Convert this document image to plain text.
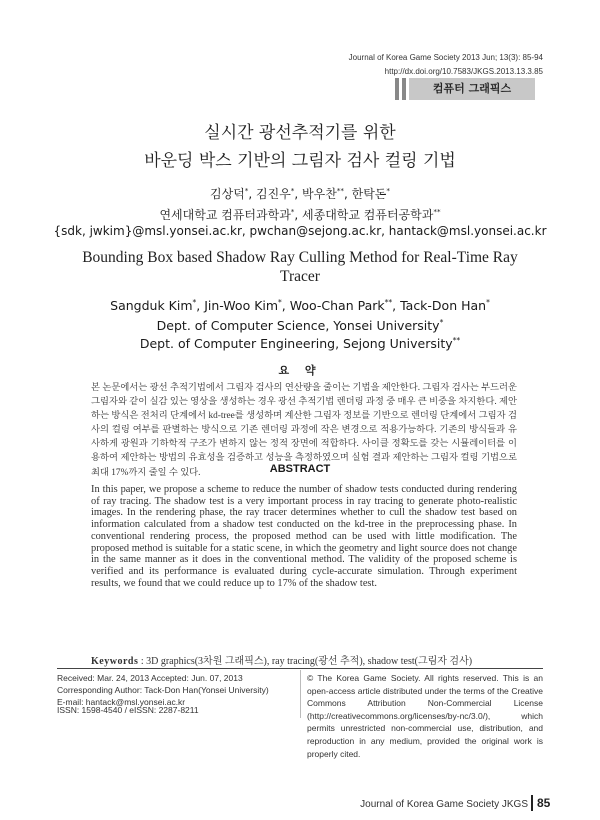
Journal of Korea Game Society 2013 Jun; 13(3): 85-94
http://dx.doi.org/10.7583/JKGS.2013.13.3.85
컴퓨터 그래픽스
실시간 광선추적기를 위한
바운딩 박스 기반의 그림자 검사 컬링 기법
김상덕*, 김진우*, 박우찬**, 한탁돈*
연세대학교 컴퓨터과학과*, 세종대학교 컴퓨터공학과**
{sdk, jwkim}@msl.yonsei.ac.kr, pwchan@sejong.ac.kr, hantack@msl.yonsei.ac.kr
Bounding Box based Shadow Ray Culling Method for Real-Time Ray Tracer
Sangduk Kim*, Jin-Woo Kim*, Woo-Chan Park**, Tack-Don Han*
Dept. of Computer Science, Yonsei University*
Dept. of Computer Engineering, Sejong University**
요 약
본 논문에서는 광선 추적기법에서 그림자 검사의 연산량을 줄이는 기법을 제안한다. 그림자 검사는 부드러운 그림자와 같이 실감 있는 영상을 생성하는 경우 광선 추적기법 렌더링 과정 중 매우 큰 비중을 차지한다. 제안하는 방식은 전처리 단계에서 kd-tree를 생성하며 계산한 그림자 정보를 기반으로 렌더링 단계에서 그림자 검사의 컬링 여부를 판별하는 방식으로 기존 렌더링 과정에 작은 변경으로 적용가능하다. 기존의 방식들과 유사하게 광원과 기하학적 구조가 변하지 않는 정적 장면에 적합하다. 사이클 정확도를 갖는 시뮬레이터를 이용하여 제안하는 방법의 유효성을 검증하고 성능을 측정하였으며 실험 결과 제안하는 그림자 컬링 기법으로 최대 17%까지 줄일 수 있다.	ABSTRACT
In this paper, we propose a scheme to reduce the number of shadow tests conducted during rendering of ray tracing. The shadow test is a very important process in ray tracing to generate photo-realistic images. In the rendering phase, the ray tracer determines whether to cull the shadow test based on information calculated from a shadow test conducted on the kd-tree in the preprocessing phase. In conventional rendering process, the proposed method can be used with little modification. The proposed method is suitable for a static scene, in which the geometry and light source does not change in the same manner as it does in the conventional method. The validity of the proposed scheme is verified and its performance is evaluated during cycle-accurate simulation. Through experiment results, we found that we could reduce up to 17% of the shadow test.
Keywords : 3D graphics(3차원 그래픽스), ray tracing(광선 추적), shadow test(그림자 검사)
Received: Mar. 24, 2013 Accepted: Jun. 07, 2013
Corresponding Author: Tack-Don Han(Yonsei University)
E-mail: hantack@msl.yonsei.ac.kr
ISSN: 1598-4540 / eISSN: 2287-8211
© The Korea Game Society. All rights reserved. This is an open-access article distributed under the terms of the Creative Commons Attribution Non-Commercial License (http://creativecommons.org/licenses/by-nc/3.0/), which permits unrestricted non-commercial use, distribution, and reproduction in any medium, provided the original work is properly cited.
Journal of Korea Game Society JKGS 85
